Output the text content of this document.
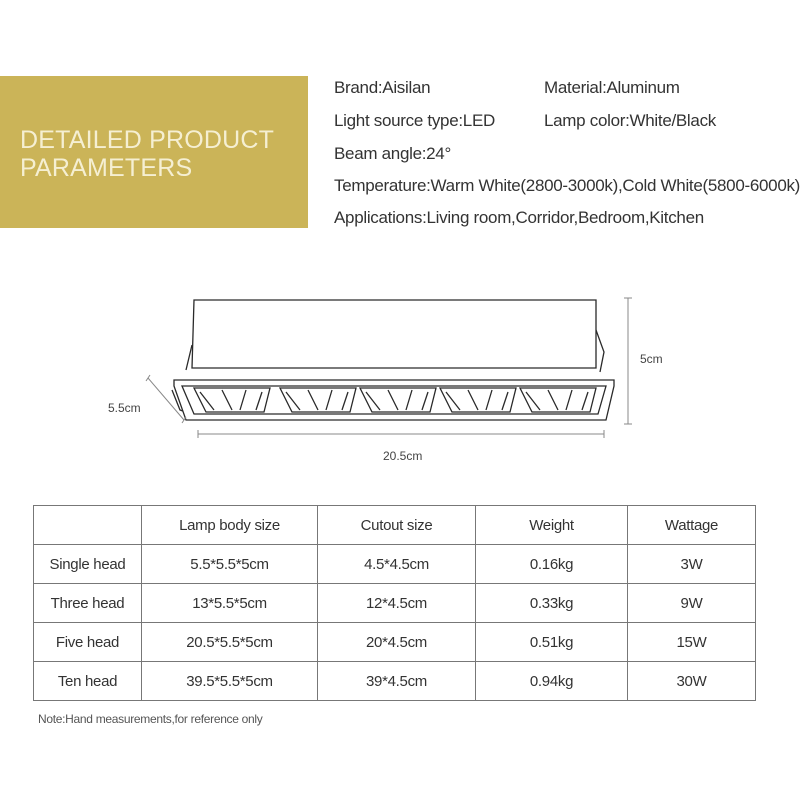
DETAILED PRODUCT PARAMETERS
Brand:Aisilan	Material:Aluminum
Light source type:LED	Lamp color:White/Black
Beam angle:24°
Temperature:Warm White(2800-3000k),Cold White(5800-6000k)
Applications:Living room,Corridor,Bedroom,Kitchen
20.5cm
5.5cm
5cm
	Lamp body size	Cutout size	Weight	Wattage
Single head	5.5*5.5*5cm	4.5*4.5cm	0.16kg	3W
Three head	13*5.5*5cm	12*4.5cm	0.33kg	9W
Five head	20.5*5.5*5cm	20*4.5cm	0.51kg	15W
Ten head	39.5*5.5*5cm	39*4.5cm	0.94kg	30W
Note:Hand measurements,for reference only
